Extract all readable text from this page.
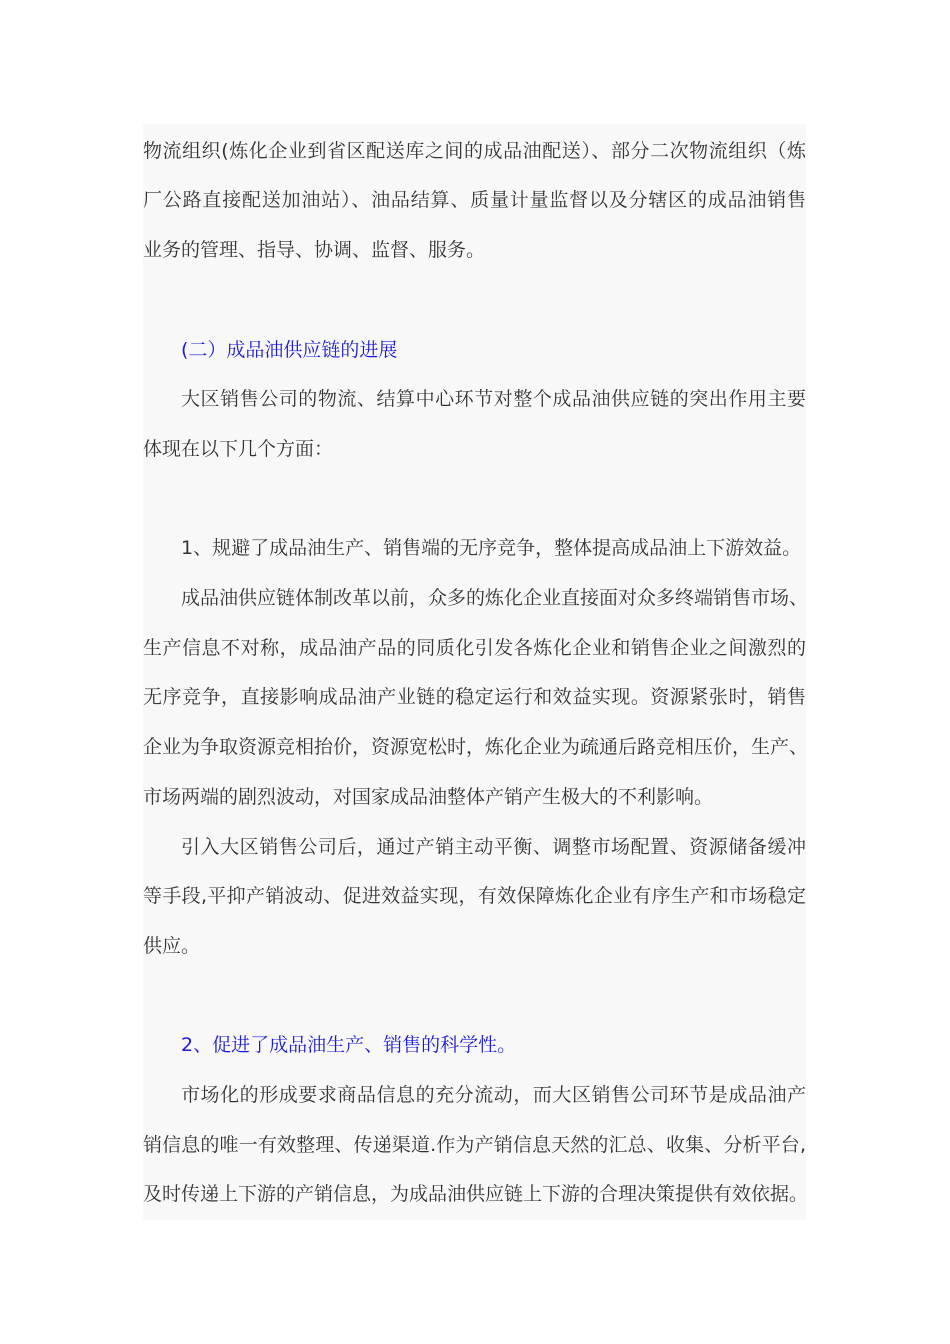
物流组织(炼化企业到省区配送库之间的成品油配送）、部分二次物流组织（炼
厂公路直接配送加油站）、油品结算、质量计量监督以及分辖区的成品油销售
业务的管理、指导、协调、监督、服务。
(二）成品油供应链的进展
大区销售公司的物流、结算中心环节对整个成品油供应链的突出作用主要
体现在以下几个方面：
1、规避了成品油生产、销售端的无序竞争，整体提高成品油上下游效益。
成品油供应链体制改革以前，众多的炼化企业直接面对众多终端销售市场、
生产信息不对称，成品油产品的同质化引发各炼化企业和销售企业之间激烈的
无序竞争，直接影响成品油产业链的稳定运行和效益实现。资源紧张时，销售
企业为争取资源竞相抬价，资源宽松时，炼化企业为疏通后路竞相压价，生产、
市场两端的剧烈波动，对国家成品油整体产销产生极大的不利影响。
引入大区销售公司后，通过产销主动平衡、调整市场配置、资源储备缓冲
等手段,平抑产销波动、促进效益实现，有效保障炼化企业有序生产和市场稳定
供应。
2、促进了成品油生产、销售的科学性。
市场化的形成要求商品信息的充分流动，而大区销售公司环节是成品油产
销信息的唯一有效整理、传递渠道.作为产销信息天然的汇总、收集、分析平台,
及时传递上下游的产销信息，为成品油供应链上下游的合理决策提供有效依据。
